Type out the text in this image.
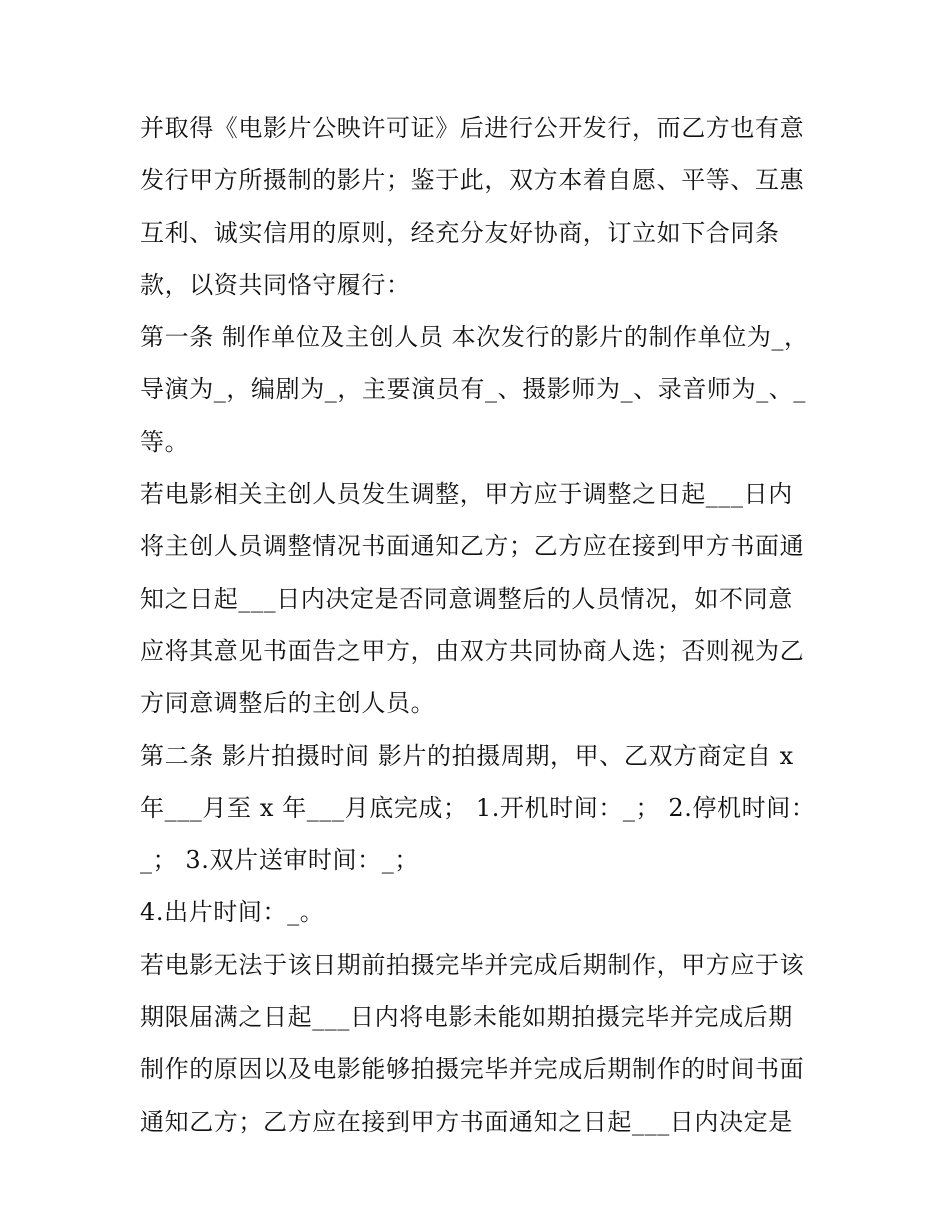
并取得《电影片公映许可证》后进行公开发行，而乙方也有意
发行甲方所摄制的影片；鉴于此，双方本着自愿、平等、互惠
互利、诚实信用的原则，经充分友好协商，订立如下合同条
款，以资共同恪守履行：
第一条 制作单位及主创人员 本次发行的影片的制作单位为_，
导演为_，编剧为_，主要演员有_、摄影师为_、录音师为_、_
等。
若电影相关主创人员发生调整，甲方应于调整之日起___日内
将主创人员调整情况书面通知乙方；乙方应在接到甲方书面通
知之日起___日内决定是否同意调整后的人员情况，如不同意
应将其意见书面告之甲方，由双方共同协商人选；否则视为乙
方同意调整后的主创人员。
第二条 影片拍摄时间 影片的拍摄周期，甲、乙双方商定自 x
年___月至 x 年___月底完成； 1.开机时间：_； 2.停机时间：
_； 3.双片送审时间：_；
4.出片时间：_。
若电影无法于该日期前拍摄完毕并完成后期制作，甲方应于该
期限届满之日起___日内将电影未能如期拍摄完毕并完成后期
制作的原因以及电影能够拍摄完毕并完成后期制作的时间书面
通知乙方；乙方应在接到甲方书面通知之日起___日内决定是
